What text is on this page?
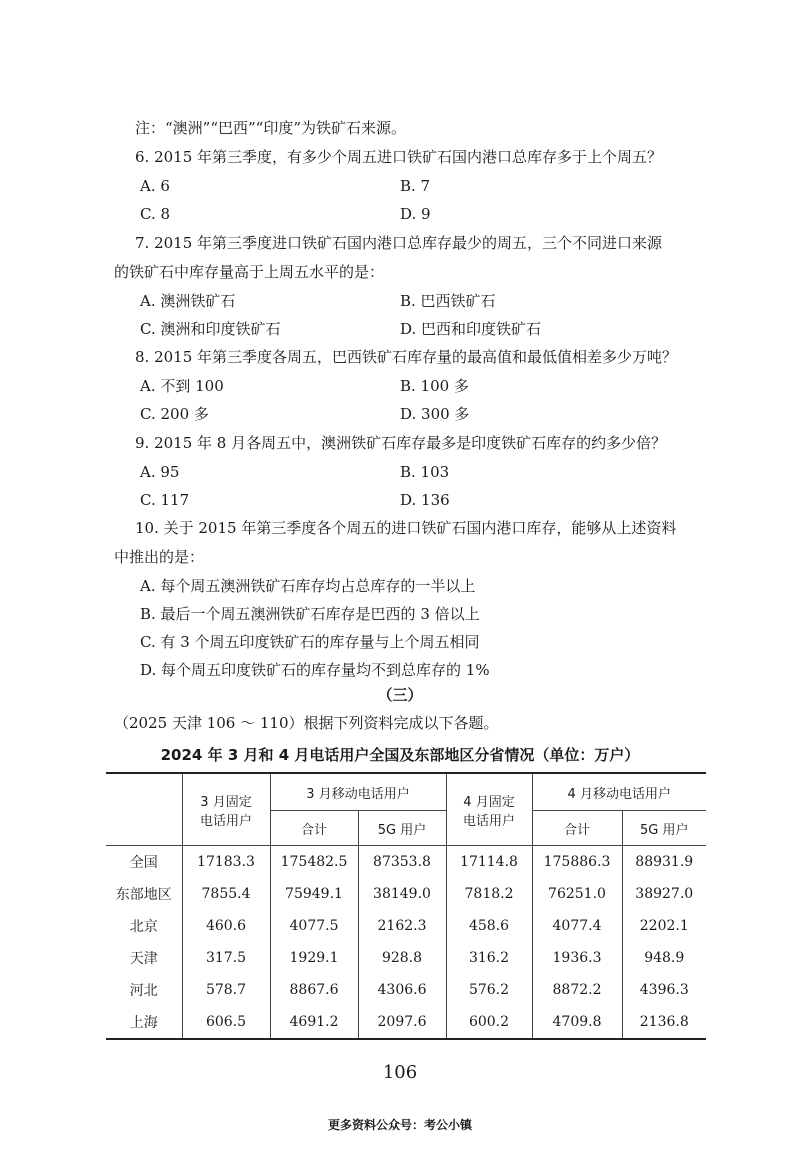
注：“澳洲”“巴西”“印度”为铁矿石来源。
6. 2015 年第三季度，有多少个周五进口铁矿石国内港口总库存多于上个周五？
A. 6	B. 7
C. 8	D. 9
7. 2015 年第三季度进口铁矿石国内港口总库存最少的周五，三个不同进口来源
的铁矿石中库存量高于上周五水平的是：
A. 澳洲铁矿石	B. 巴西铁矿石
C. 澳洲和印度铁矿石	D. 巴西和印度铁矿石
8. 2015 年第三季度各周五，巴西铁矿石库存量的最高值和最低值相差多少万吨？
A. 不到 100	B. 100 多
C. 200 多	D. 300 多
9. 2015 年 8 月各周五中，澳洲铁矿石库存最多是印度铁矿石库存的约多少倍？
A. 95	B. 103
C. 117	D. 136
10. 关于 2015 年第三季度各个周五的进口铁矿石国内港口库存，能够从上述资料
中推出的是：
A. 每个周五澳洲铁矿石库存均占总库存的一半以上
B. 最后一个周五澳洲铁矿石库存是巴西的 3 倍以上
C. 有 3 个周五印度铁矿石的库存量与上个周五相同
D. 每个周五印度铁矿石的库存量均不到总库存的 1%
（三）
（2025 天津 106 ～ 110）根据下列资料完成以下各题。
2024 年 3 月和 4 月电话用户全国及东部地区分省情况（单位：万户）
	3 月固定电话用户	3 月移动电话用户		4 月固定电话用户	4 月移动电话用户	
		合计	5G 用户		合计	5G 用户
全国	17183.3	175482.5	87353.8	17114.8	175886.3	88931.9
东部地区	7855.4	75949.1	38149.0	7818.2	76251.0	38927.0
北京	460.6	4077.5	2162.3	458.6	4077.4	2202.1
天津	317.5	1929.1	928.8	316.2	1936.3	948.9
河北	578.7	8867.6	4306.6	576.2	8872.2	4396.3
上海	606.5	4691.2	2097.6	600.2	4709.8	2136.8
106
更多资料公众号：考公小镇
